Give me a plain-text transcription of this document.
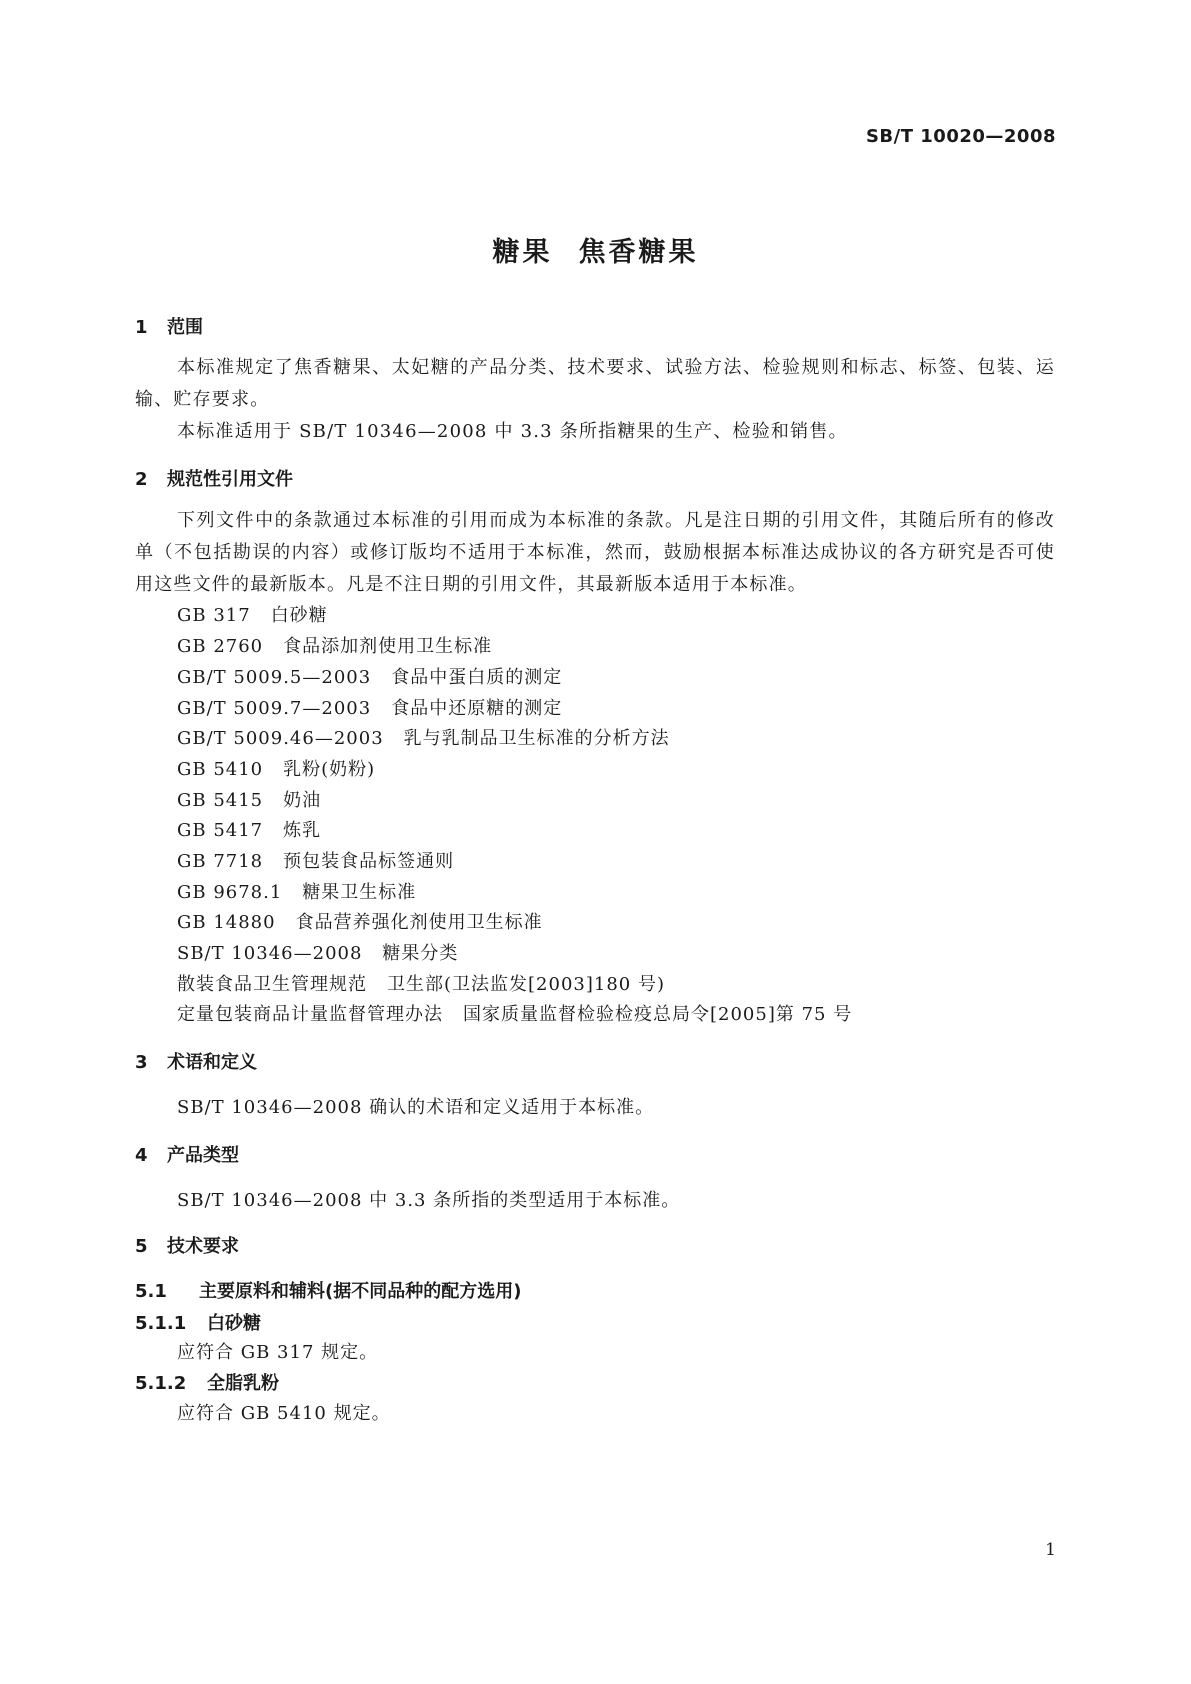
SB/T 10020—2008
糖果 焦香糖果
1 范围
本标准规定了焦香糖果、太妃糖的产品分类、技术要求、试验方法、检验规则和标志、标签、包装、运输、贮存要求。
本标准适用于 SB/T 10346—2008 中 3.3 条所指糖果的生产、检验和销售。
2 规范性引用文件
下列文件中的条款通过本标准的引用而成为本标准的条款。凡是注日期的引用文件，其随后所有的修改单（不包括勘误的内容）或修订版均不适用于本标准，然而，鼓励根据本标准达成协议的各方研究是否可使用这些文件的最新版本。凡是不注日期的引用文件，其最新版本适用于本标准。
GB 317 白砂糖
GB 2760 食品添加剂使用卫生标准
GB/T 5009.5—2003 食品中蛋白质的测定
GB/T 5009.7—2003 食品中还原糖的测定
GB/T 5009.46—2003 乳与乳制品卫生标准的分析方法
GB 5410 乳粉(奶粉)
GB 5415 奶油
GB 5417 炼乳
GB 7718 预包装食品标签通则
GB 9678.1 糖果卫生标准
GB 14880 食品营养强化剂使用卫生标准
SB/T 10346—2008 糖果分类
散装食品卫生管理规范 卫生部(卫法监发[2003]180 号)
定量包装商品计量监督管理办法 国家质量监督检验检疫总局令[2005]第 75 号
3 术语和定义
SB/T 10346—2008 确认的术语和定义适用于本标准。
4 产品类型
SB/T 10346—2008 中 3.3 条所指的类型适用于本标准。
5 技术要求
5.1 主要原料和辅料(据不同品种的配方选用)
5.1.1 白砂糖
应符合 GB 317 规定。
5.1.2 全脂乳粉
应符合 GB 5410 规定。
1
